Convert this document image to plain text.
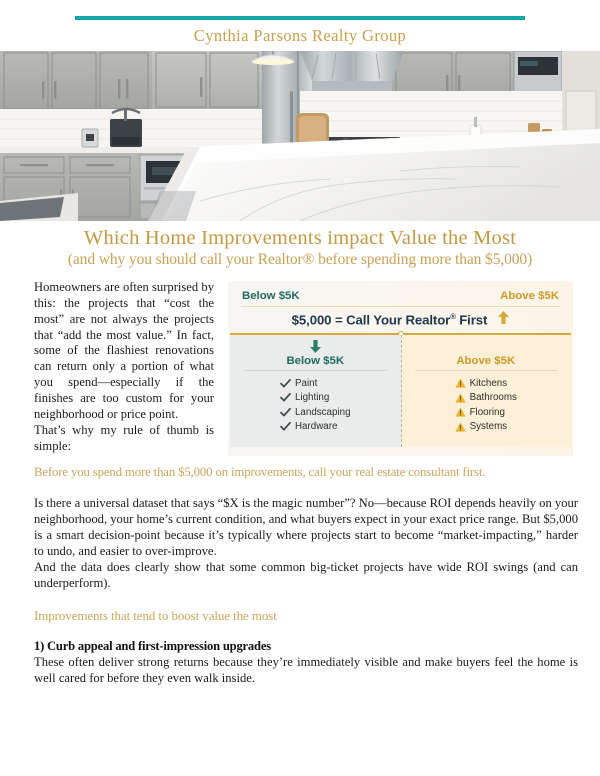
Cynthia Parsons Realty Group
Which Home Improvements impact Value the Most
(and why you should call your Realtor® before spending more than $5,000)

Homeowners are often surprised by this: the projects that “cost the most” are not always the projects that “add the most value.” In fact, some of the flashiest renovations can return only a portion of what you spend—especially if the finishes are too custom for your neighborhood or price point.

That’s why my rule of thumb is simple:

Below $5K	Above $5K
$5,000 = Call Your Realtor® First
Below $5K
Paint
Lighting
Landscaping
Hardware
Above $5K
Kitchens
Bathrooms
Flooring
Systems
Before you spend more than $5,000 on improvements, call your real estate consultant first.

Is there a universal dataset that says “$X is the magic number”? No—because ROI depends heavily on your neighborhood, your home’s current condition, and what buyers expect in your exact price range. But $5,000 is a smart decision-point because it’s typically where projects start to become “market-impacting,” harder to undo, and easier to over-improve.

And the data does clearly show that some common big-ticket projects have wide ROI swings (and can underperform).

Improvements that tend to boost value the most
1) Curb appeal and first-impression upgrades

These often deliver strong returns because they’re immediately visible and make buyers feel the home is well cared for before they even walk inside.
